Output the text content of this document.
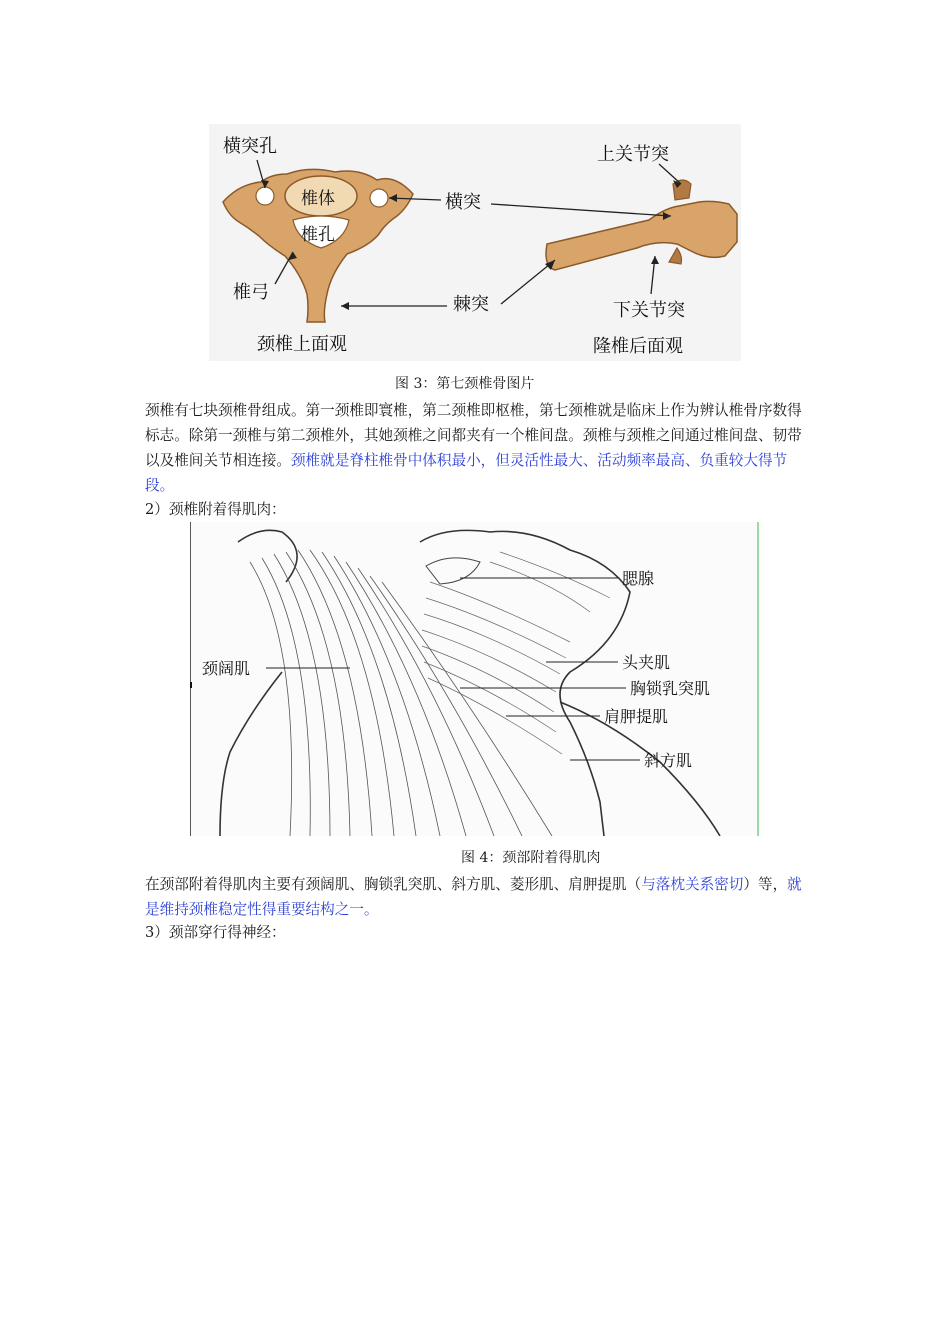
横突孔
椎体
椎孔
横突
椎弓
棘突
颈椎上面观
上关节突
下关节突
隆椎后面观
图 3：第七颈椎骨图片
颈椎有七块颈椎骨组成。第一颈椎即寰椎，第二颈椎即枢椎，第七颈椎就是临床上作为辨认椎骨序数得标志。除第一颈椎与第二颈椎外，其她颈椎之间都夹有一个椎间盘。颈椎与颈椎之间通过椎间盘、韧带以及椎间关节相连接。颈椎就是脊柱椎骨中体积最小，但灵活性最大、活动频率最高、负重较大得节段。
2）颈椎附着得肌肉：
腮腺
颈阔肌	头夹肌
胸锁乳突肌
肩胛提肌
斜方肌
图 4：颈部附着得肌肉
在颈部附着得肌肉主要有颈阔肌、胸锁乳突肌、斜方肌、菱形肌、肩胛提肌（与落枕关系密切）等，就是维持颈椎稳定性得重要结构之一。
3）颈部穿行得神经：
